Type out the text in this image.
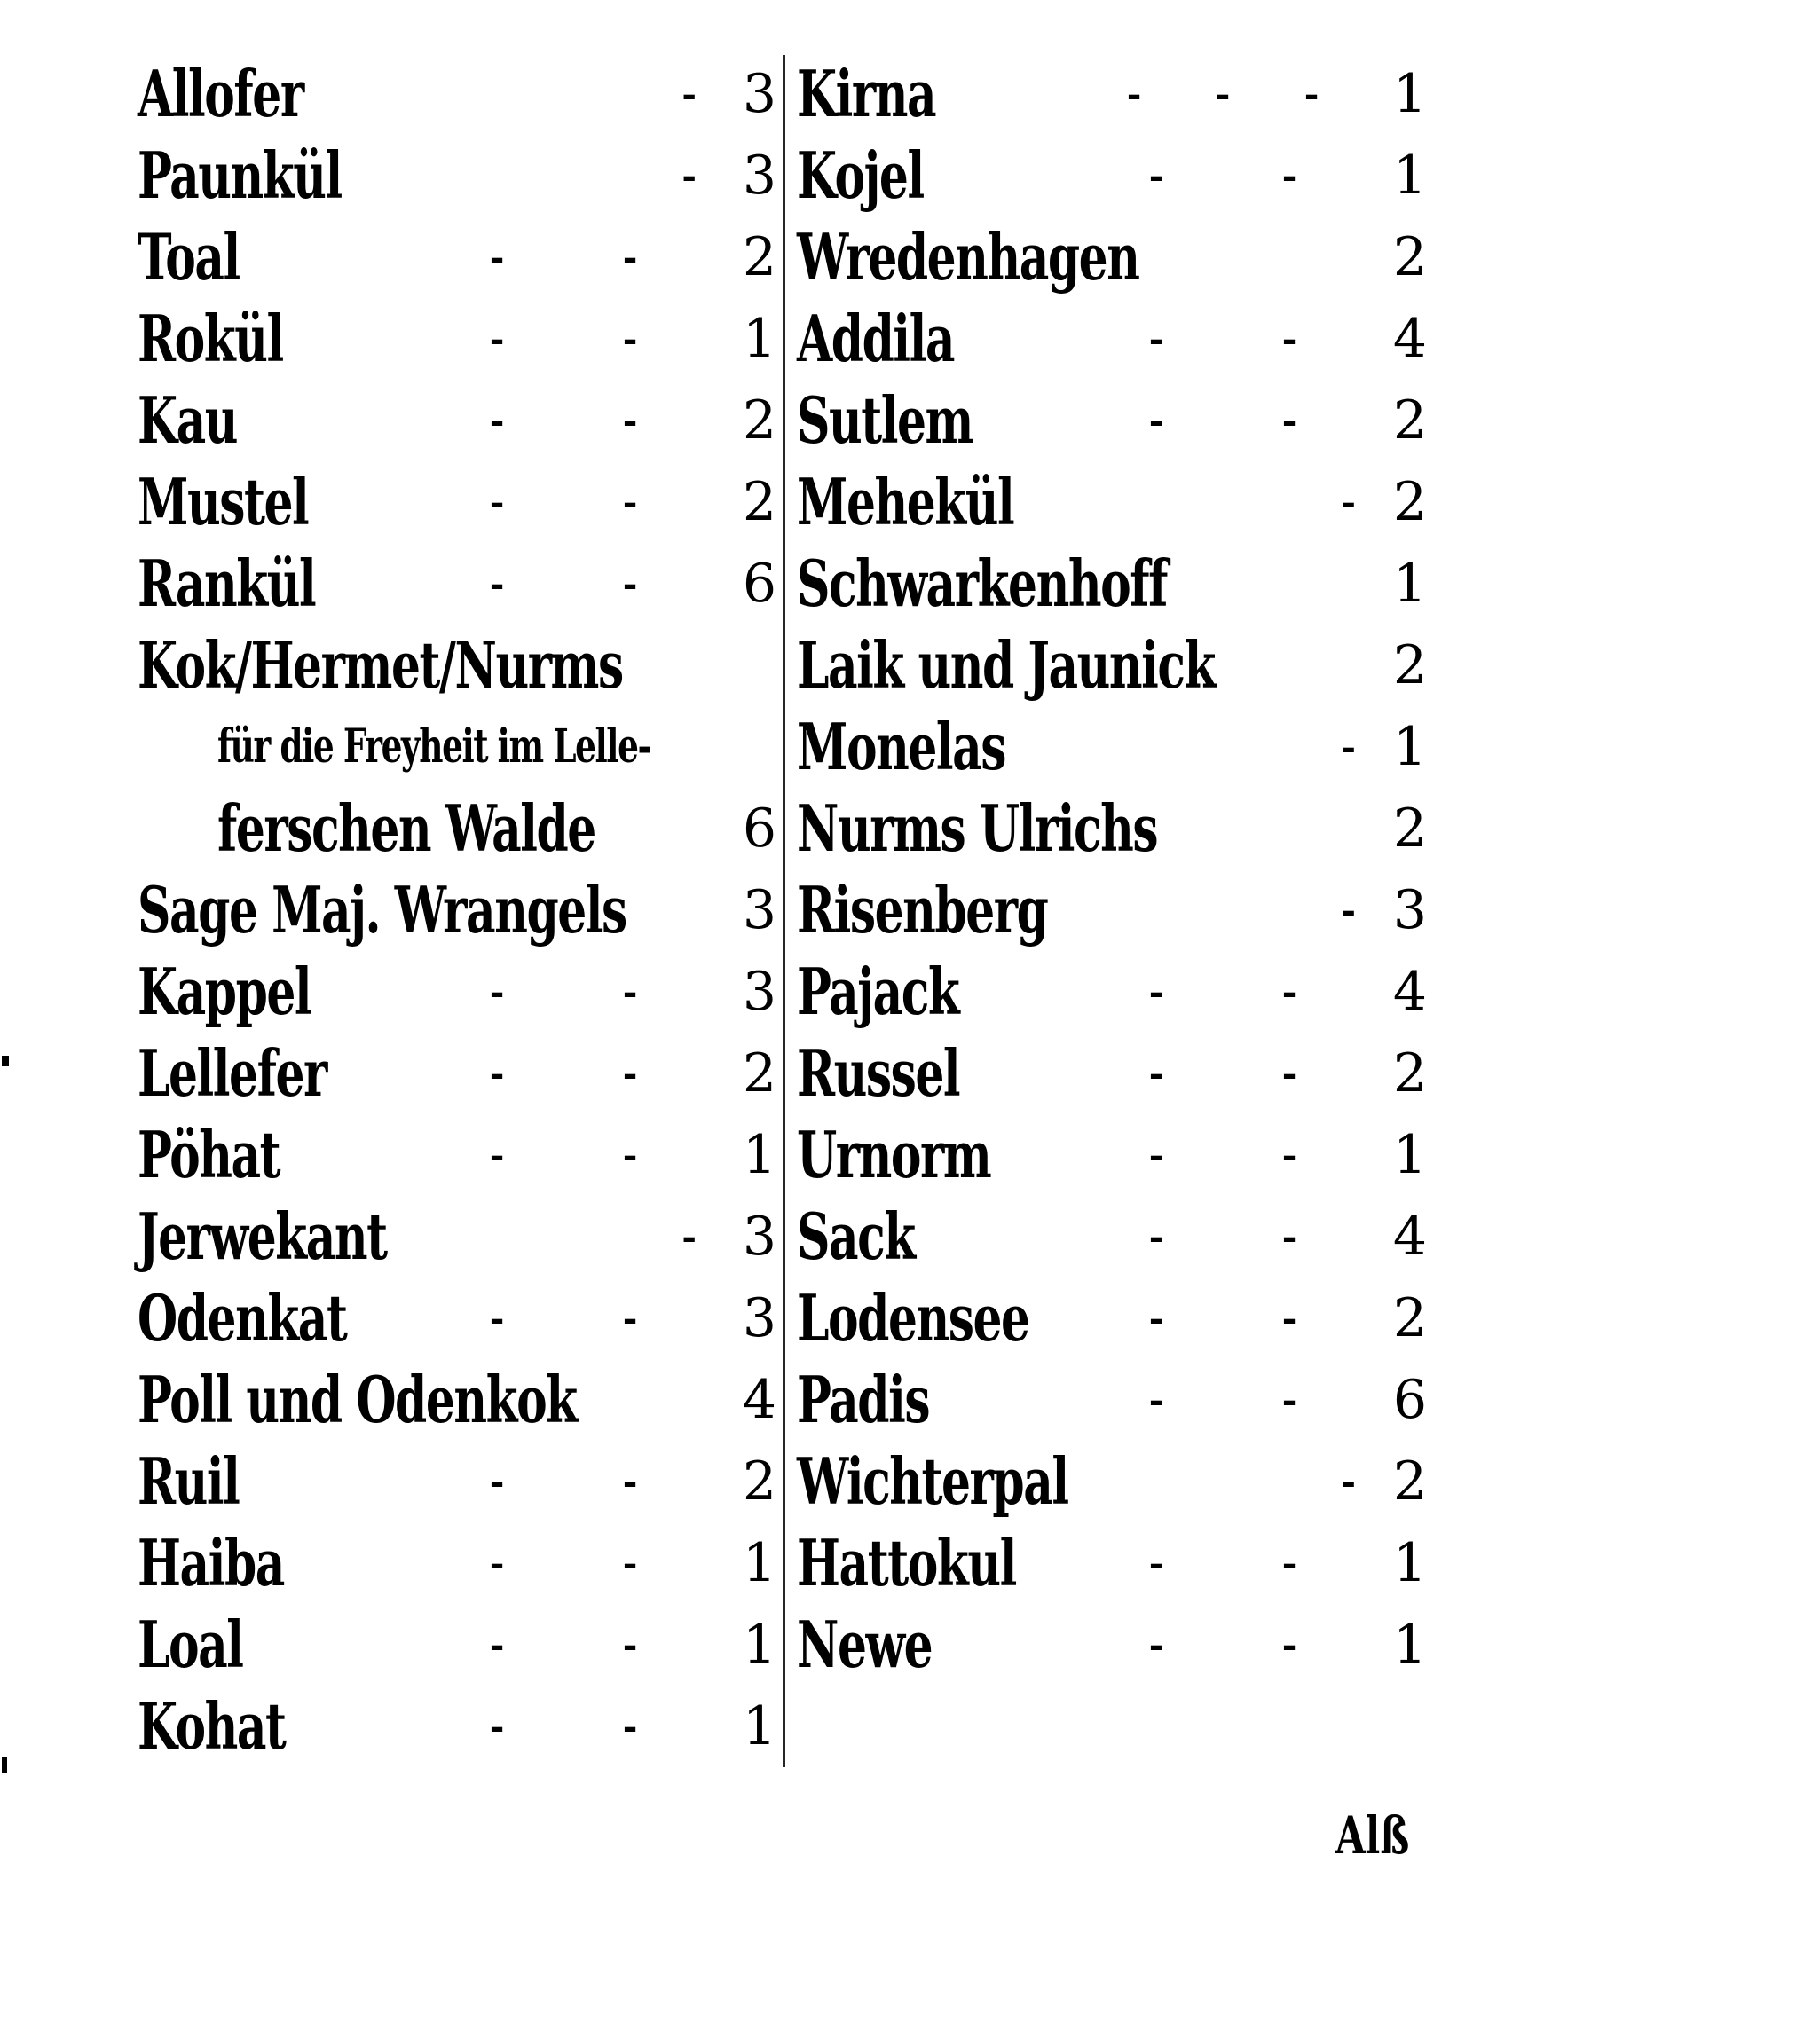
Allofer	- 3
Paunkül	- 3
Toal	-	- 2
Rokül	-	- 1
Kau	-	- 2
Mustel	-	- 2
Rankül	-	- 6
Kok/Hermet/Nurms
für die Freyheit im Lelle-
ferschen Walde	6
Sage Maj. Wrangels 3
Kappel	-	- 3
Lellefer	-	- 2
Pöhat	-	- 1
Jerwekant	- 3
Odenkat	-	- 3
Poll und Odenkok	4
Ruil	-	- 2
Haiba	-	- 1
Loal	-	- 1
Kohat	-	- 1
Kirna	- - - 1
Kojel	-	- 1
Wredenhagen	2
Addila	-	- 4
Sutlem	-	- 2
Mehekül	- 2
Schwarkenhoff	1
Laik und Jaunick	2
Monelas	- 1
Nurms Ulrichs	2
Risenberg	- 3
Pajack	-	- 4
Russel	-	- 2
Urnorm	-	- 1
Sack	-	- 4
Lodensee	-	- 2
Padis	-	- 6
Wichterpal	- 2
Hattokul	-	- 1
Newe	-	- 1
Alß
